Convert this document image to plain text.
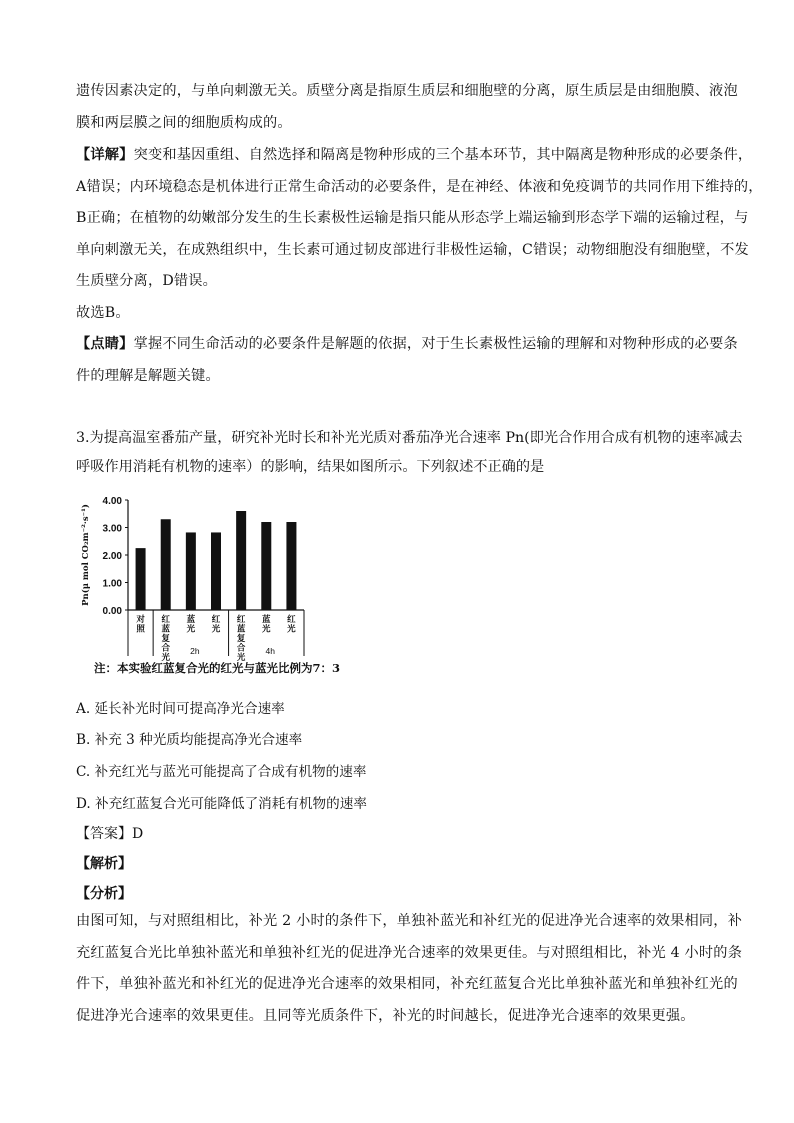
遗传因素决定的，与单向刺激无关。质壁分离是指原生质层和细胞壁的分离，原生质层是由细胞膜、液泡
膜和两层膜之间的细胞质构成的。
【详解】突变和基因重组、自然选择和隔离是物种形成的三个基本环节，其中隔离是物种形成的必要条件，
A错误；内环境稳态是机体进行正常生命活动的必要条件，是在神经、体液和免疫调节的共同作用下维持的，
B正确；在植物的幼嫩部分发生的生长素极性运输是指只能从形态学上端运输到形态学下端的运输过程，与
单向刺激无关，在成熟组织中，生长素可通过韧皮部进行非极性运输，C错误；动物细胞没有细胞壁，不发
生质壁分离，D错误。
故选B。
【点睛】掌握不同生命活动的必要条件是解题的依据，对于生长素极性运输的理解和对物种形成的必要条
件的理解是解题关键。
3.为提高温室番茄产量，研究补光时长和补光光质对番茄净光合速率 Pn(即光合作用合成有机物的速率减去
呼吸作用消耗有机物的速率）的影响，结果如图所示。下列叙述不正确的是
0.00
1.00
2.00
3.00
4.00
Pn(μ mol CO₂m⁻²·s⁻¹)
对
照
红
蓝
复
合
光
蓝
光
红
光
红
蓝
复
合
光
蓝
光
红
光
2h	4h
注：本实验红蓝复合光的红光与蓝光比例为7：3
A. 延长补光时间可提高净光合速率
B. 补充 3 种光质均能提高净光合速率
C. 补充红光与蓝光可能提高了合成有机物的速率
D. 补充红蓝复合光可能降低了消耗有机物的速率
【答案】D
【解析】
【分析】
由图可知，与对照组相比，补光 2 小时的条件下，单独补蓝光和补红光的促进净光合速率的效果相同，补
充红蓝复合光比单独补蓝光和单独补红光的促进净光合速率的效果更佳。与对照组相比，补光 4 小时的条
件下，单独补蓝光和补红光的促进净光合速率的效果相同，补充红蓝复合光比单独补蓝光和单独补红光的
促进净光合速率的效果更佳。且同等光质条件下，补光的时间越长，促进净光合速率的效果更强。
